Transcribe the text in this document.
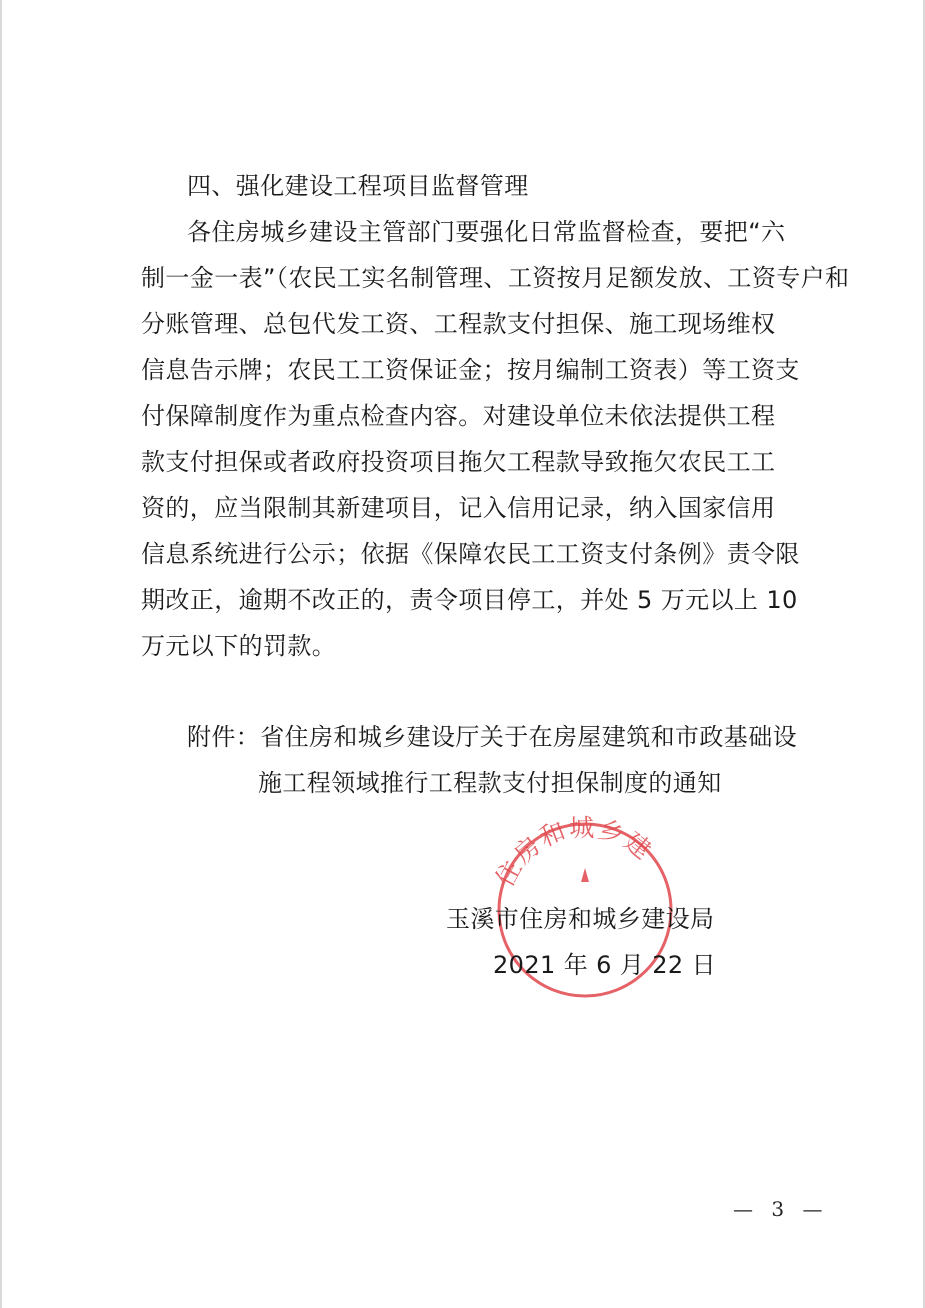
四、强化建设工程项目监督管理
各住房城乡建设主管部门要强化日常监督检查，要把“六
制一金一表”（农民工实名制管理、工资按月足额发放、工资专户和
分账管理、总包代发工资、工程款支付担保、施工现场维权
信息告示牌；农民工工资保证金；按月编制工资表）等工资支
付保障制度作为重点检查内容。对建设单位未依法提供工程
款支付担保或者政府投资项目拖欠工程款导致拖欠农民工工
资的，应当限制其新建项目，记入信用记录，纳入国家信用
信息系统进行公示；依据《保障农民工工资支付条例》责令限
期改正，逾期不改正的，责令项目停工，并处 5 万元以上 10
万元以下的罚款。
附件：省住房和城乡建设厅关于在房屋建筑和市政基础设
施工程领域推行工程款支付担保制度的通知
住房和城乡建
玉溪市住房和城乡建设局
2021 年 6 月 22 日
— 3 —
